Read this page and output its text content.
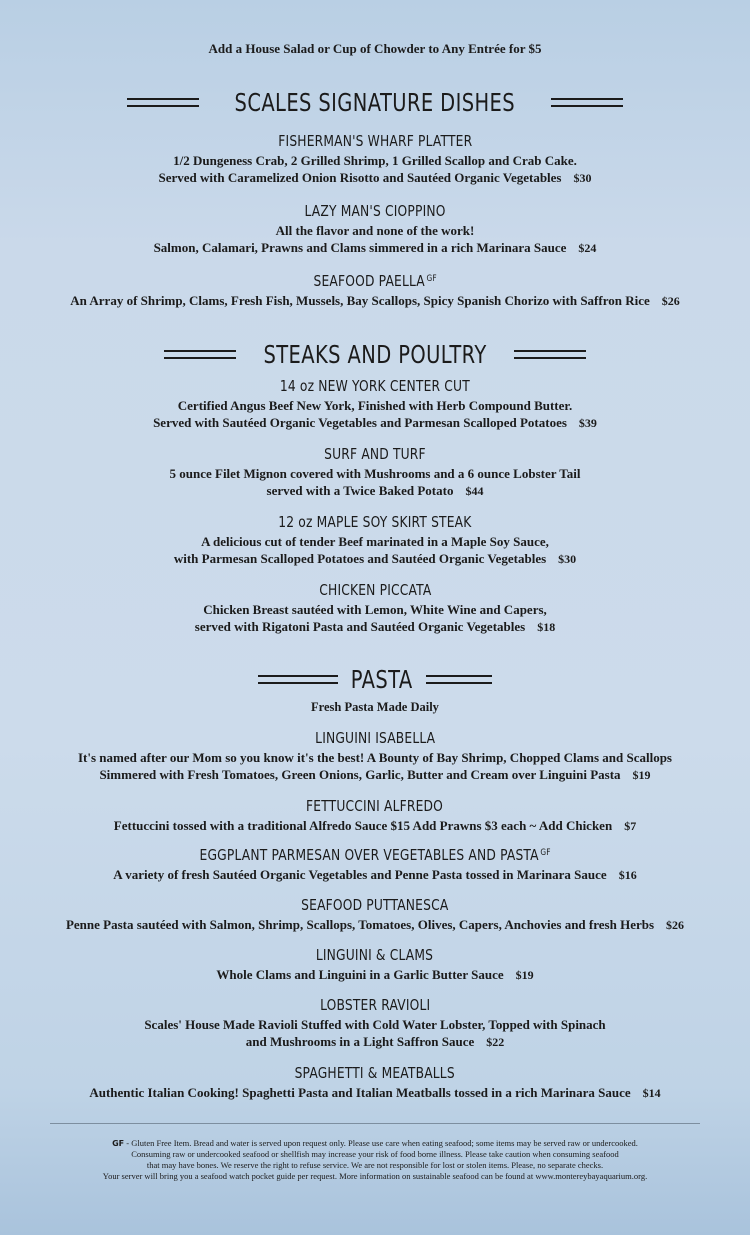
Add a House Salad or Cup of Chowder to Any Entrée for $5
SCALES SIGNATURE DISHES
FISHERMAN'S WHARF PLATTER
1/2 Dungeness Crab, 2 Grilled Shrimp, 1 Grilled Scallop and Crab Cake.
Served with Caramelized Onion Risotto and Sautéed Organic Vegetables $30
LAZY MAN'S CIOPPINO
All the flavor and none of the work!
Salmon, Calamari, Prawns and Clams simmered in a rich Marinara Sauce $24
SEAFOOD PAELLA $^{GF}$
An Array of Shrimp, Clams, Fresh Fish, Mussels, Bay Scallops, Spicy Spanish Chorizo with Saffron Rice $26
STEAKS AND POULTRY
14 oz NEW YORK CENTER CUT
Certified Angus Beef New York, Finished with Herb Compound Butter.
Served with Sautéed Organic Vegetables and Parmesan Scalloped Potatoes $39
SURF AND TURF
5 ounce Filet Mignon covered with Mushrooms and a 6 ounce Lobster Tail
served with a Twice Baked Potato $44
12 oz MAPLE SOY SKIRT STEAK
A delicious cut of tender Beef marinated in a Maple Soy Sauce,
with Parmesan Scalloped Potatoes and Sautéed Organic Vegetables $30
CHICKEN PICCATA
Chicken Breast sautéed with Lemon, White Wine and Capers,
served with Rigatoni Pasta and Sautéed Organic Vegetables $18
PASTA
Fresh Pasta Made Daily
LINGUINI ISABELLA
It's named after our Mom so you know it's the best! A Bounty of Bay Shrimp, Chopped Clams and Scallops
Simmered with Fresh Tomatoes, Green Onions, Garlic, Butter and Cream over Linguini Pasta $19
FETTUCCINI ALFREDO
Fettuccini tossed with a traditional Alfredo Sauce $15 Add Prawns $3 each ~ Add Chicken $7
EGGPLANT PARMESAN OVER VEGETABLES AND PASTA $^{GF}$
A variety of fresh Sautéed Organic Vegetables and Penne Pasta tossed in Marinara Sauce $16
SEAFOOD PUTTANESCA
Penne Pasta sautéed with Salmon, Shrimp, Scallops, Tomatoes, Olives, Capers, Anchovies and fresh Herbs $26
LINGUINI & CLAMS
Whole Clams and Linguini in a Garlic Butter Sauce $19
LOBSTER RAVIOLI
Scales' House Made Ravioli Stuffed with Cold Water Lobster, Topped with Spinach
and Mushrooms in a Light Saffron Sauce $22
SPAGHETTI & MEATBALLS
Authentic Italian Cooking! Spaghetti Pasta and Italian Meatballs tossed in a rich Marinara Sauce $14
GF - Gluten Free Item. Bread and water is served upon request only. Please use care when eating seafood; some items may be served raw or undercooked.
Consuming raw or undercooked seafood or shellfish may increase your risk of food borne illness. Please take caution when consuming seafood
that may have bones. We reserve the right to refuse service. We are not responsible for lost or stolen items. Please, no separate checks.
Your server will bring you a seafood watch pocket guide per request. More information on sustainable seafood can be found at www.montereybayaquarium.org.
